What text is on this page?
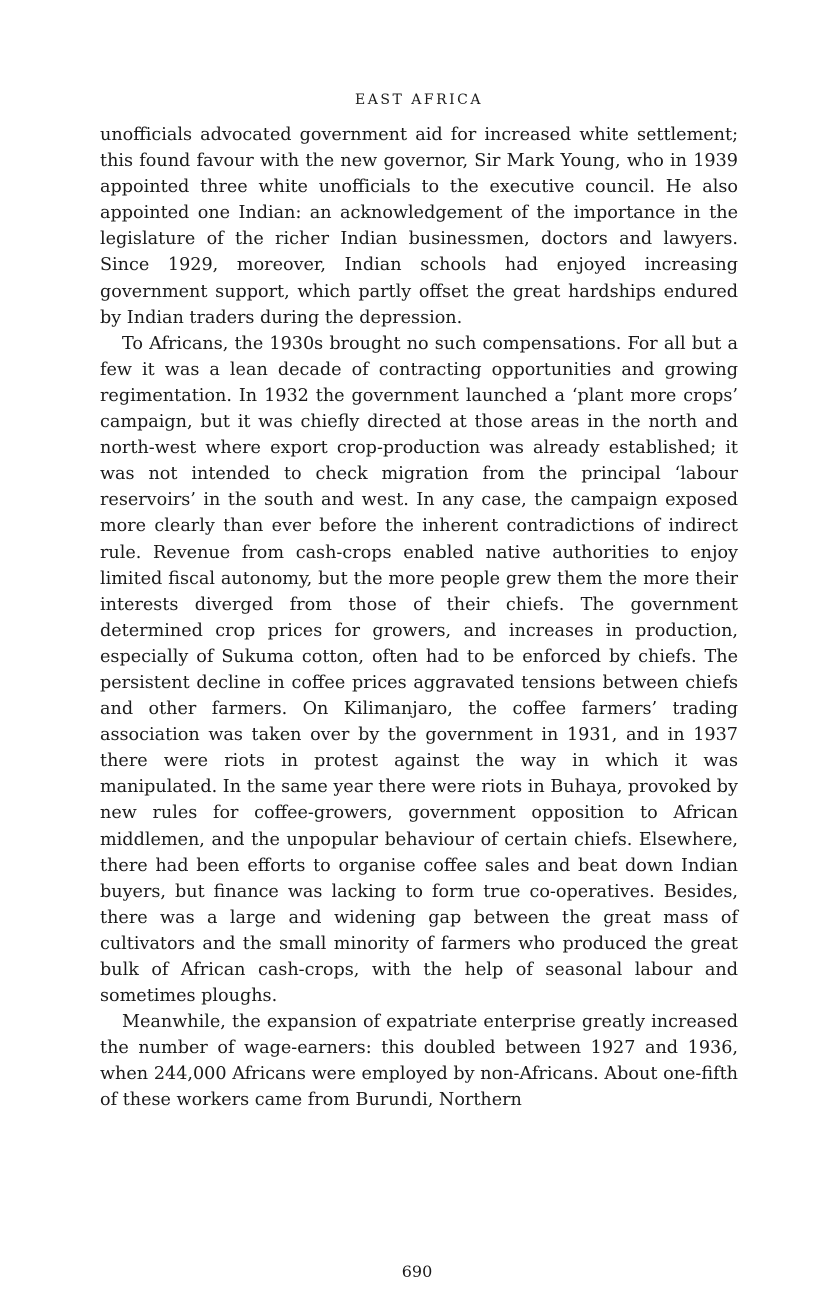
EAST AFRICA

unofficials advocated government aid for increased white settlement; this found favour with the new governor, Sir Mark Young, who in 1939 appointed three white unofficials to the executive council. He also appointed one Indian: an acknowledgement of the importance in the legislature of the richer Indian businessmen, doctors and lawyers. Since 1929, moreover, Indian schools had enjoyed increasing government support, which partly offset the great hardships endured by Indian traders during the depression.

To Africans, the 1930s brought no such compensations. For all but a few it was a lean decade of contracting opportunities and growing regimentation. In 1932 the government launched a ‘plant more crops’ campaign, but it was chiefly directed at those areas in the north and north-west where export crop-production was already established; it was not intended to check migration from the principal ‘labour reservoirs’ in the south and west. In any case, the campaign exposed more clearly than ever before the inherent contradictions of indirect rule. Revenue from cash-crops enabled native authorities to enjoy limited fiscal autonomy, but the more people grew them the more their interests diverged from those of their chiefs. The government determined crop prices for growers, and increases in production, especially of Sukuma cotton, often had to be enforced by chiefs. The persistent decline in coffee prices aggravated tensions between chiefs and other farmers. On Kilimanjaro, the coffee farmers’ trading association was taken over by the government in 1931, and in 1937 there were riots in protest against the way in which it was manipulated. In the same year there were riots in Buhaya, provoked by new rules for coffee-growers, government opposition to African middlemen, and the unpopular behaviour of certain chiefs. Elsewhere, there had been efforts to organise coffee sales and beat down Indian buyers, but finance was lacking to form true co-operatives. Besides, there was a large and widening gap between the great mass of cultivators and the small minority of farmers who produced the great bulk of African cash-crops, with the help of seasonal labour and sometimes ploughs.

Meanwhile, the expansion of expatriate enterprise greatly increased the number of wage-earners: this doubled between 1927 and 1936, when 244,000 Africans were employed by non-Africans. About one-fifth of these workers came from Burundi, Northern

690
